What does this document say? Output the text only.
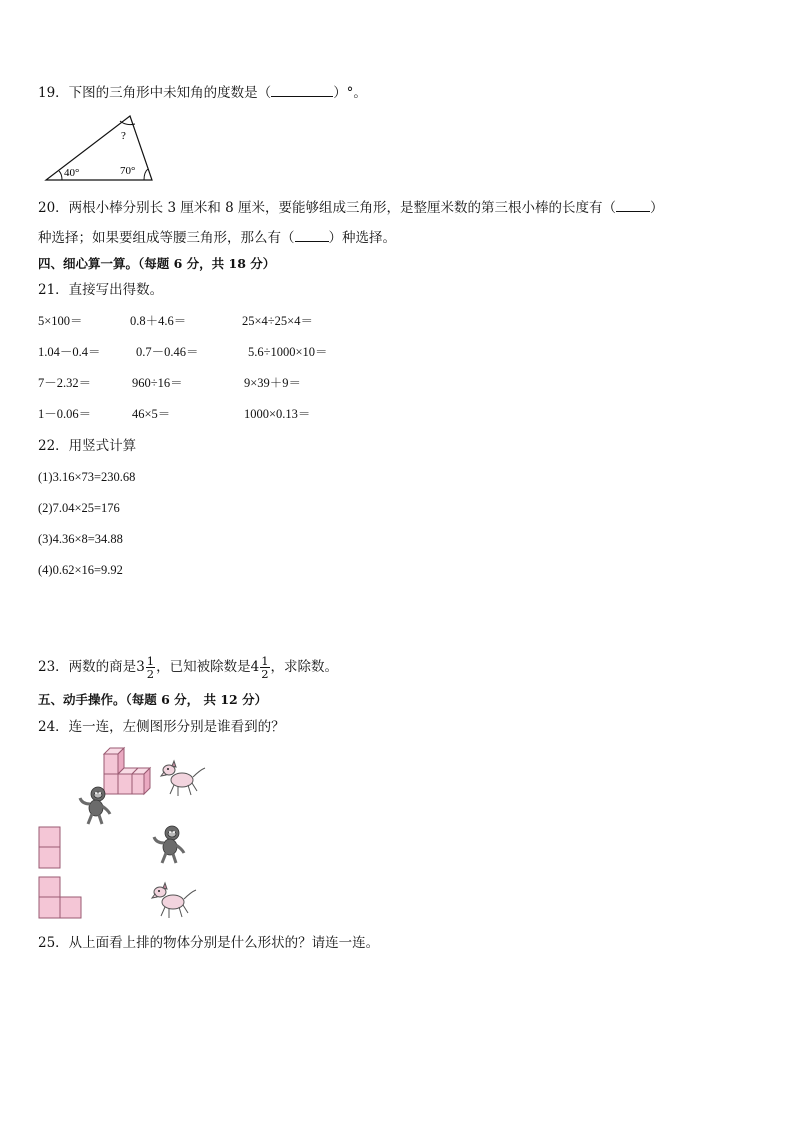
19．下图的三角形中未知角的度数是（	）°。
?
40°	70°
20．两根小棒分别长 3 厘米和 8 厘米，要能够组成三角形，是整厘米数的第三根小棒的长度有（	）
种选择；如果要组成等腰三角形，那么有（	）种选择。
四、细心算一算。（每题 6 分，共 18 分）
21．直接写出得数。
5×100＝	0.8＋4.6＝	25×4÷25×4＝
1.04－0.4＝	0.7－0.46＝	5.6÷1000×10＝
7－2.32＝	960÷16＝	9×39＋9＝
1－0.06＝	46×5＝	1000×0.13＝
22．用竖式计算
(1)3.16×73=230.68
(2)7.04×25=176
(3)4.36×8=34.88
(4)0.62×16=9.92
23．两数的商是$3 \frac{1}{2}$ ，已知被除数是$4 \frac{1}{2}$ ，求除数。
五、动手操作。（每题 6 分， 共 12 分）
24．连一连，左侧图形分别是谁看到的？
25．从上面看上排的物体分别是什么形状的？请连一连。
